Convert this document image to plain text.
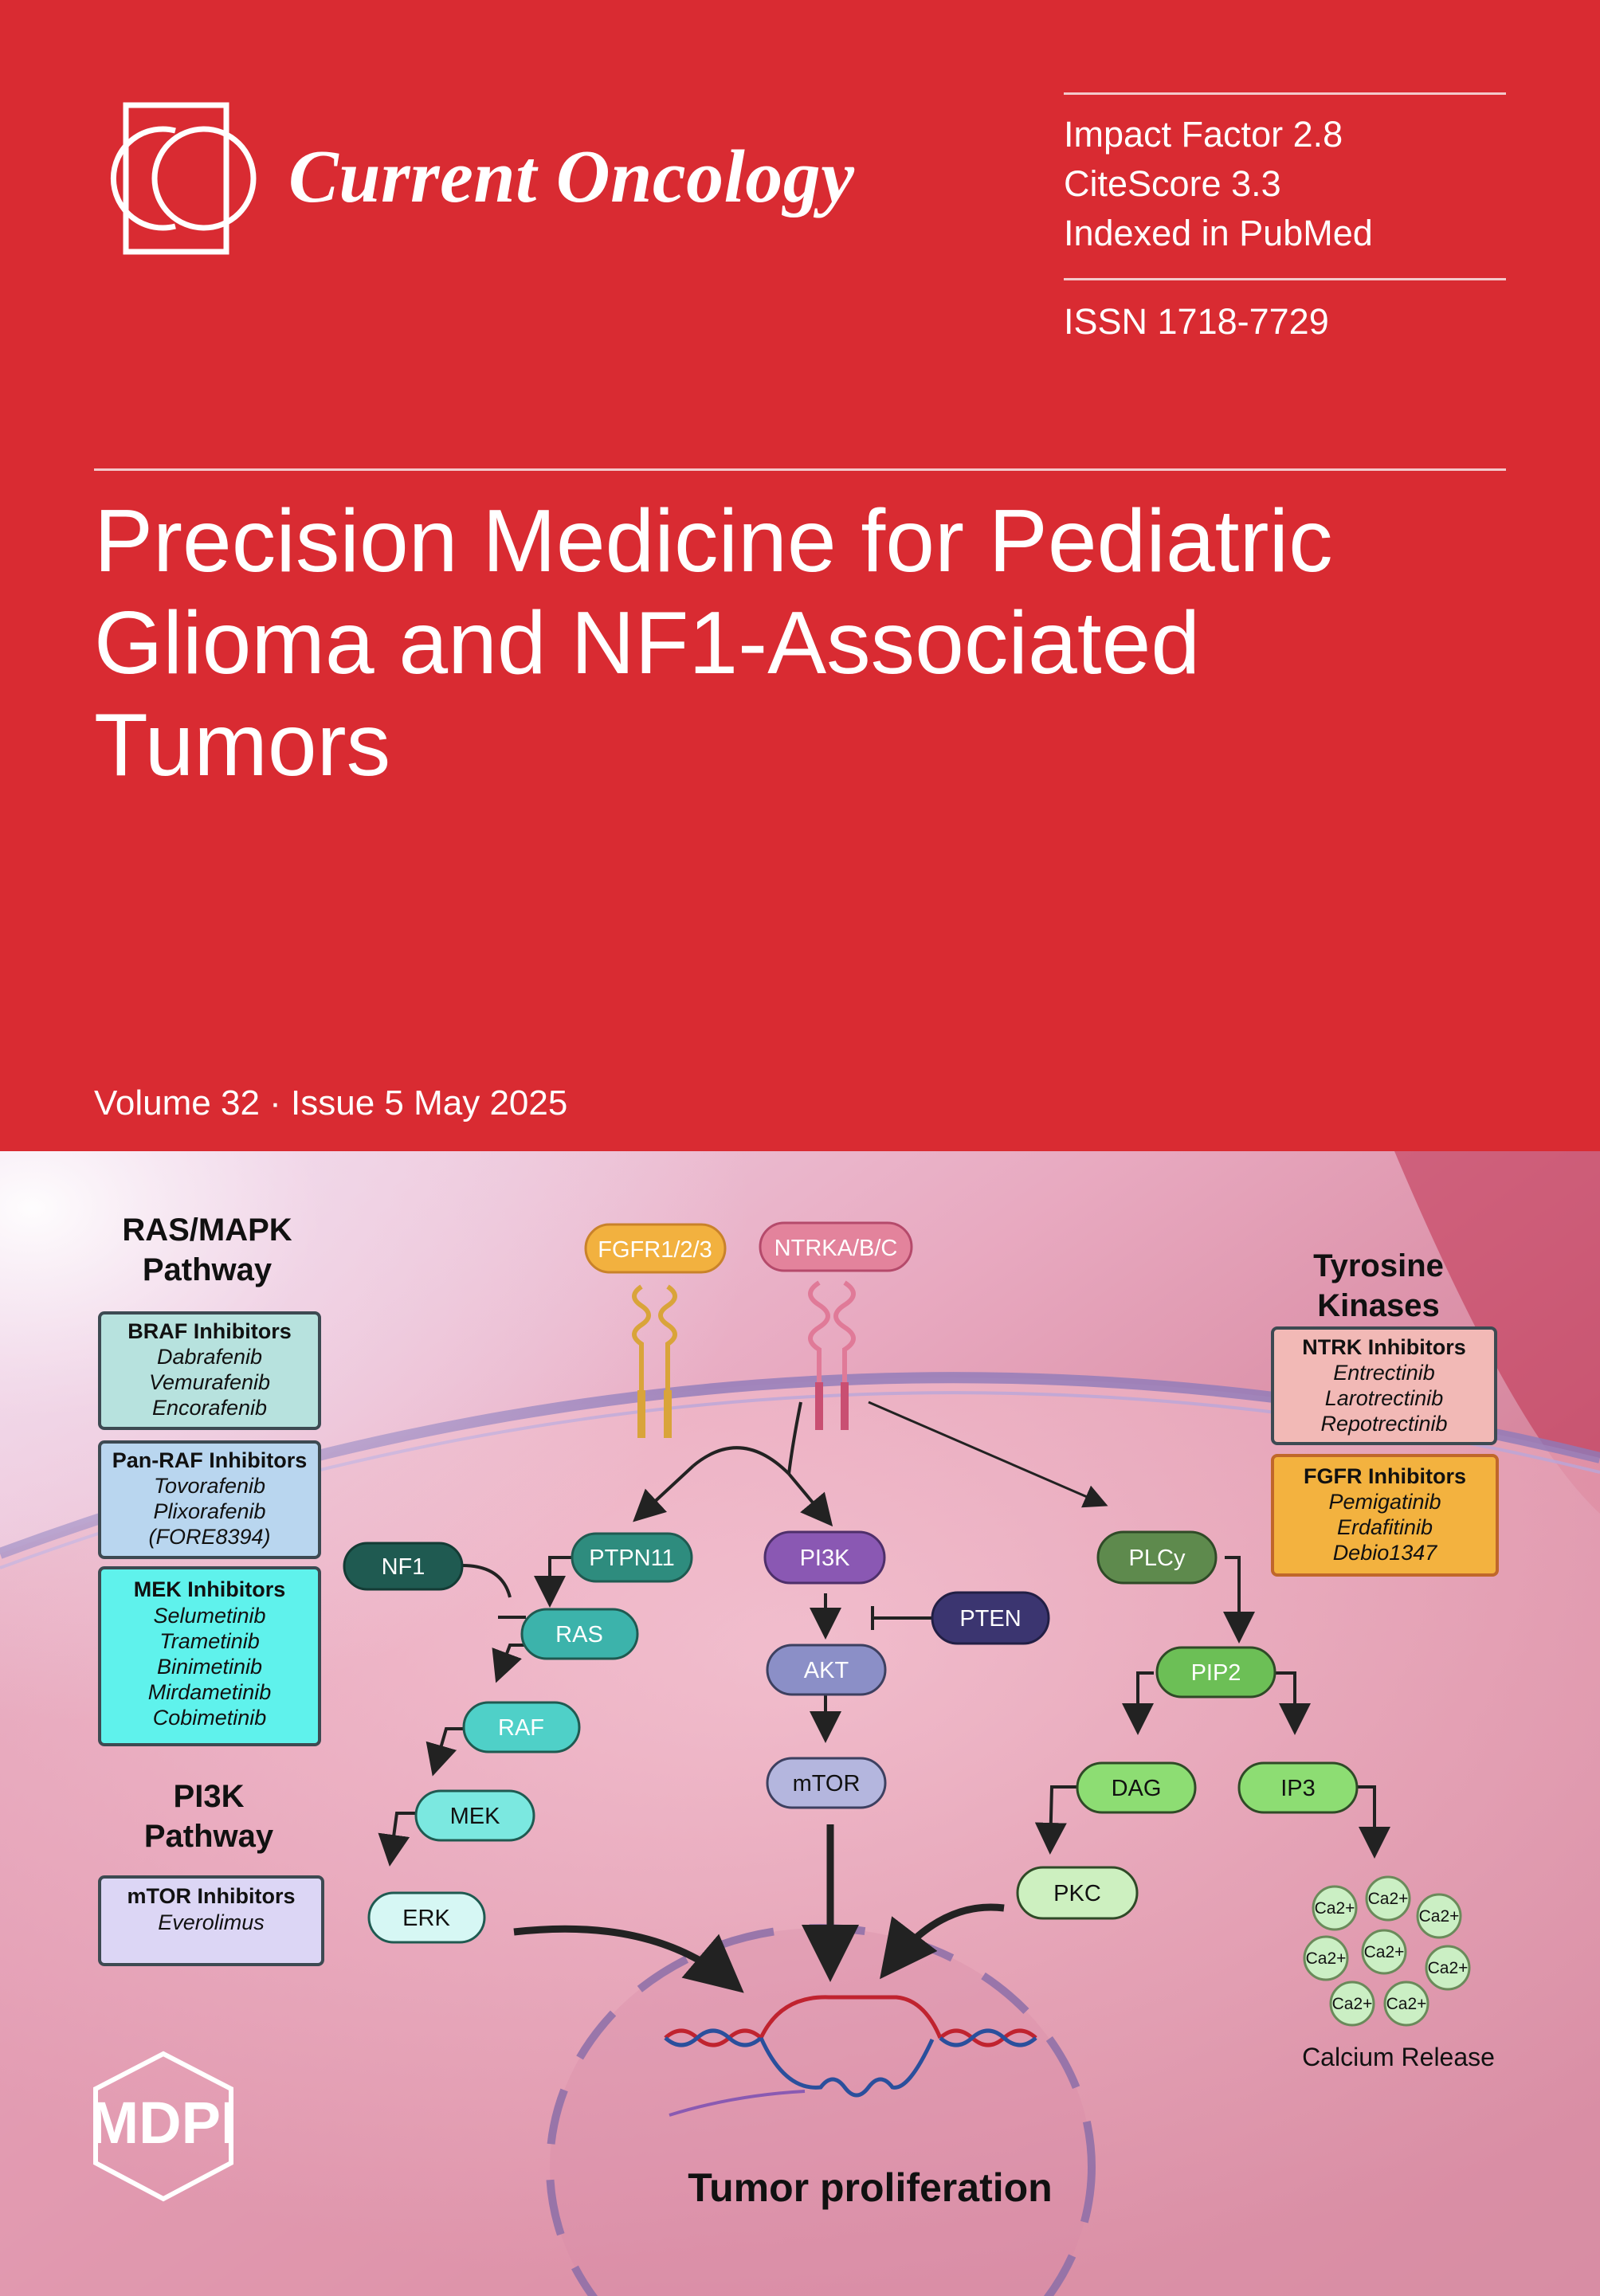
Current Oncology
Impact Factor 2.8
CiteScore 3.3
Indexed in PubMed
ISSN 1718-7729
Precision Medicine for Pediatric
Glioma and NF1-Associated
Tumors
Volume 32 · Issue 5 May 2025
FGFR1/2/3	NTRKA/B/C
RAS/MAPK
Pathway
PI3K
Pathway
Tyrosine
Kinases
BRAF Inhibitors
Dabrafenib
Vemurafenib
Encorafenib
Pan-RAF Inhibitors
Tovorafenib
Plixorafenib
(FORE8394)
MEK Inhibitors
Selumetinib
Trametinib
Binimetinib
Mirdametinib
Cobimetinib
mTOR Inhibitors
Everolimus
NTRK Inhibitors
Entrectinib
Larotrectinib
Repotrectinib
FGFR Inhibitors
Pemigatinib
Erdafitinib
Debio1347
NF1	PTPN11
RAS
RAF
MEK
ERK
PI3K
AKT
mTOR
PTEN
PLCy
PIP2
DAG	IP3
PKC
Ca2+
Ca2+
Ca2+
Ca2+ Ca2+
Ca2+
Ca2+ Ca2+
Calcium Release
Tumor proliferation
MDPI
